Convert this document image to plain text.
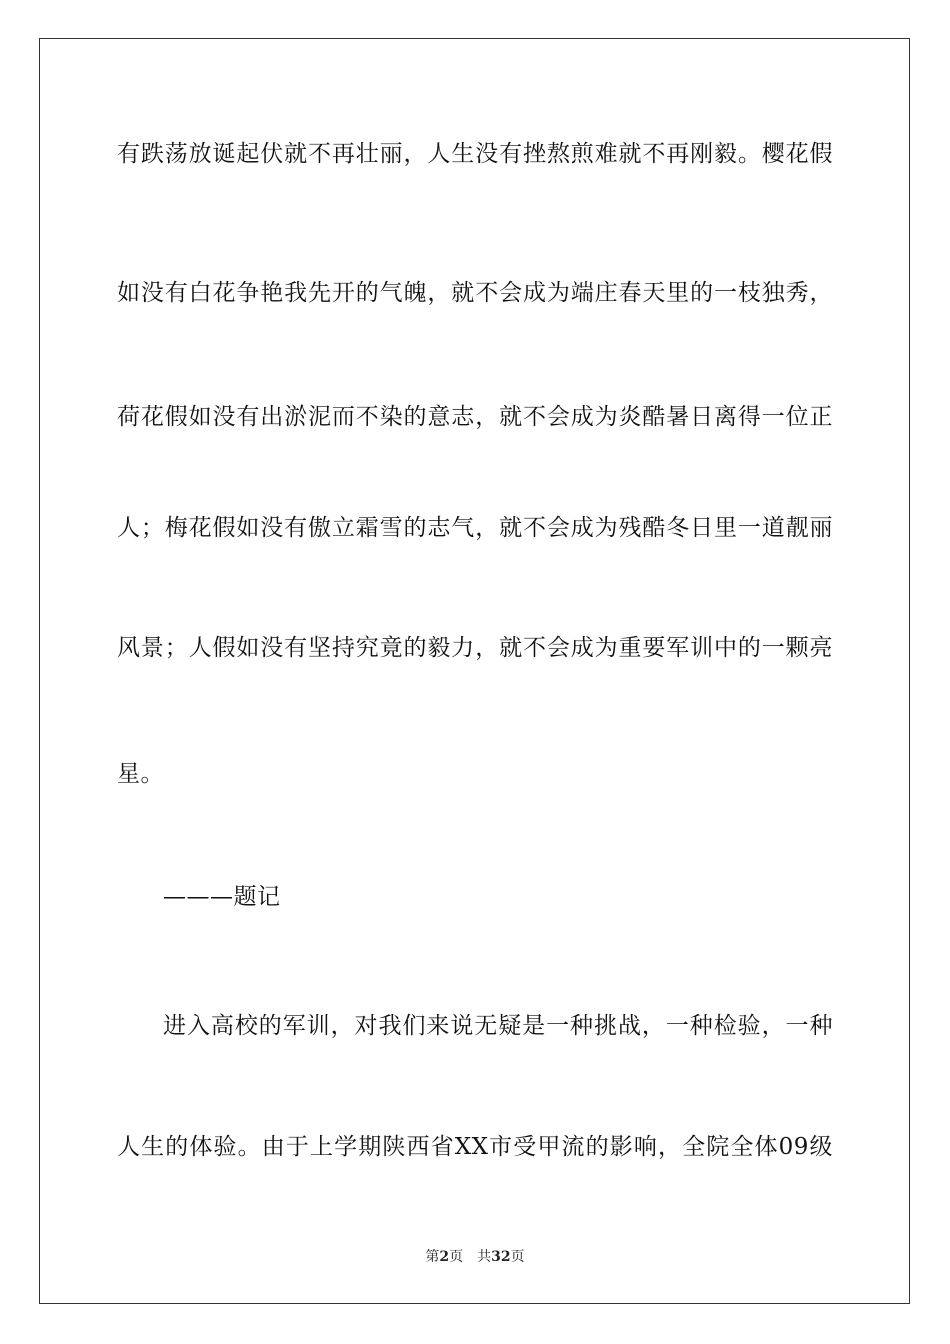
有跌荡放诞起伏就不再壮丽，人生没有挫熬煎难就不再刚毅。樱花假
如没有白花争艳我先开的气魄，就不会成为端庄春天里的一枝独秀，
荷花假如没有出淤泥而不染的意志，就不会成为炎酷暑日离得一位正
人；梅花假如没有傲立霜雪的志气，就不会成为残酷冬日里一道靓丽
风景；人假如没有坚持究竟的毅力，就不会成为重要军训中的一颗亮
星。
———题记
进入高校的军训，对我们来说无疑是一种挑战，一种检验，一种
人生的体验。由于上学期陕西省XX市受甲流的影响，全院全体09级
第2页 共32页
